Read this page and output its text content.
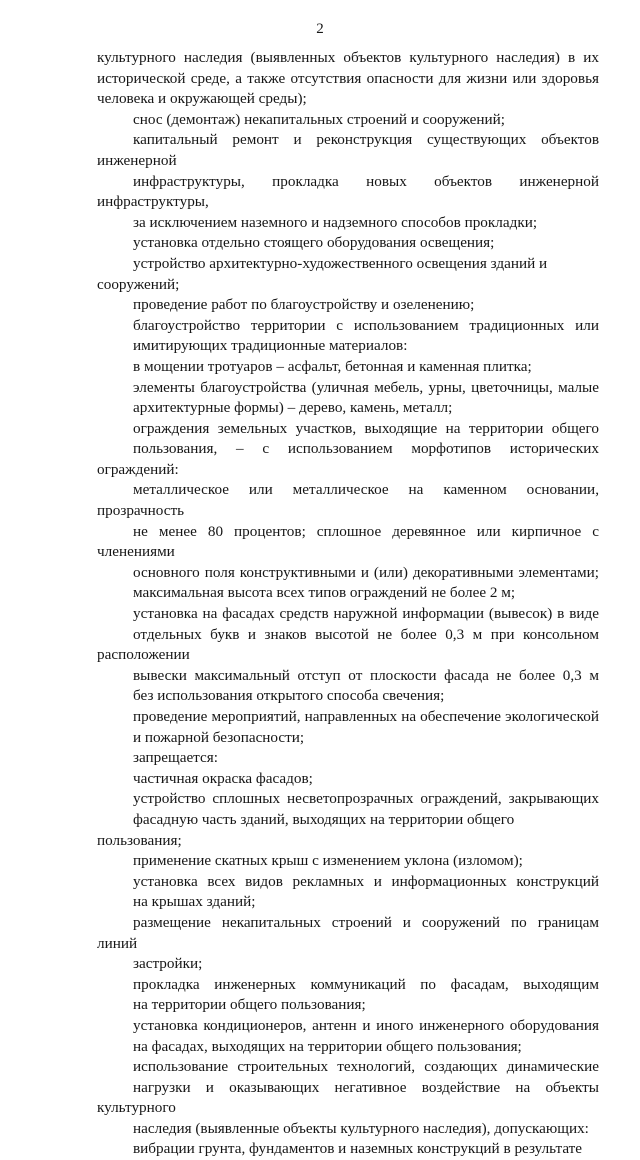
2

культурного наследия (выявленных объектов культурного наследия) в их
исторической среде, а также отсутствия опасности для жизни или здоровья
человека и окружающей среды);

снос (демонтаж) некапитальных строений и сооружений;

капитальный ремонт и реконструкция существующих объектов инженерной
инфраструктуры, прокладка новых объектов инженерной инфраструктуры,
за исключением наземного и надземного способов прокладки;

установка отдельно стоящего оборудования освещения;

устройство архитектурно-художественного освещения зданий и сооружений;

проведение работ по благоустройству и озеленению;

благоустройство территории с использованием традиционных или
имитирующих традиционные материалов:

в мощении тротуаров – асфальт, бетонная и каменная плитка;

элементы благоустройства (уличная мебель, урны, цветочницы, малые
архитектурные формы) – дерево, камень, металл;

ограждения земельных участков, выходящие на территории общего
пользования, – с использованием морфотипов исторических ограждений:
металлическое или металлическое на каменном основании, прозрачность
не менее 80 процентов; сплошное деревянное или кирпичное с членениями
основного поля конструктивными и (или) декоративными элементами;
максимальная высота всех типов ограждений не более 2 м;

установка на фасадах средств наружной информации (вывесок) в виде
отдельных букв и знаков высотой не более 0,3 м при консольном расположении
вывески максимальный отступ от плоскости фасада не более 0,3 м
без использования открытого способа свечения;

проведение мероприятий, направленных на обеспечение экологической
и пожарной безопасности;

запрещается:

частичная окраска фасадов;

устройство сплошных несветопрозрачных ограждений, закрывающих
фасадную часть зданий, выходящих на территории общего пользования;

применение скатных крыш с изменением уклона (изломом);

установка всех видов рекламных и информационных конструкций
на крышах зданий;

размещение некапитальных строений и сооружений по границам линий
застройки;

прокладка инженерных коммуникаций по фасадам, выходящим
на территории общего пользования;

установка кондиционеров, антенн и иного инженерного оборудования
на фасадах, выходящих на территории общего пользования;

использование строительных технологий, создающих динамические
нагрузки и оказывающих негативное воздействие на объекты культурного
наследия (выявленные объекты культурного наследия), допускающих:

вибрации грунта, фундаментов и наземных конструкций в результате
